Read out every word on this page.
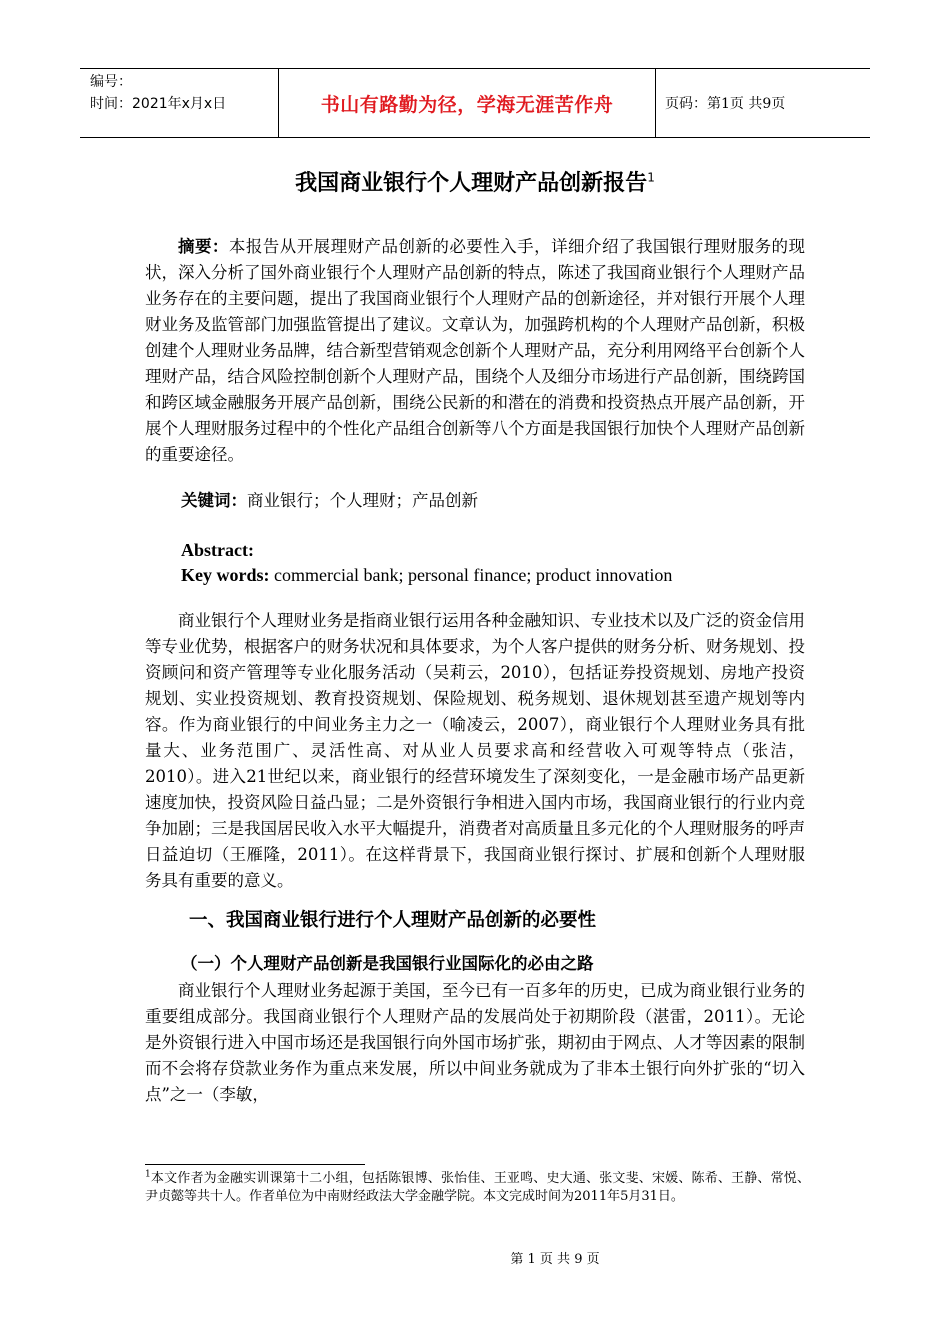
编号：
时间：2021年x月x日	书山有路勤为径，学海无涯苦作舟	页码：第1页 共9页
我国商业银行个人理财产品创新报告$^1$

摘要：本报告从开展理财产品创新的必要性入手，详细介绍了我国银行理财服务的现状，深入分析了国外商业银行个人理财产品创新的特点，陈述了我国商业银行个人理财产品业务存在的主要问题，提出了我国商业银行个人理财产品的创新途径，并对银行开展个人理财业务及监管部门加强监管提出了建议。文章认为，加强跨机构的个人理财产品创新，积极创建个人理财业务品牌，结合新型营销观念创新个人理财产品，充分利用网络平台创新个人理财产品，结合风险控制创新个人理财产品，围绕个人及细分市场进行产品创新，围绕跨国和跨区域金融服务开展产品创新，围绕公民新的和潜在的消费和投资热点开展产品创新，开展个人理财服务过程中的个性化产品组合创新等八个方面是我国银行加快个人理财产品创新的重要途径。

关键词：商业银行；个人理财；产品创新
Abstract:
Key words: commercial bank; personal finance; product innovation

商业银行个人理财业务是指商业银行运用各种金融知识、专业技术以及广泛的资金信用等专业优势，根据客户的财务状况和具体要求，为个人客户提供的财务分析、财务规划、投资顾问和资产管理等专业化服务活动（吴莉云，2010），包括证券投资规划、房地产投资规划、实业投资规划、教育投资规划、保险规划、税务规划、退休规划甚至遗产规划等内容。作为商业银行的中间业务主力之一（喻凌云，2007），商业银行个人理财业务具有批量大、业务范围广、灵活性高、对从业人员要求高和经营收入可观等特点（张洁，2010）。进入21世纪以来，商业银行的经营环境发生了深刻变化，一是金融市场产品更新速度加快，投资风险日益凸显；二是外资银行争相进入国内市场，我国商业银行的行业内竞争加剧；三是我国居民收入水平大幅提升，消费者对高质量且多元化的个人理财服务的呼声日益迫切（王雁隆，2011）。在这样背景下，我国商业银行探讨、扩展和创新个人理财服务具有重要的意义。

一、我国商业银行进行个人理财产品创新的必要性
（一）个人理财产品创新是我国银行业国际化的必由之路

商业银行个人理财业务起源于美国，至今已有一百多年的历史，已成为商业银行业务的重要组成部分。我国商业银行个人理财产品的发展尚处于初期阶段（湛雷，2011）。无论是外资银行进入中国市场还是我国银行向外国市场扩张，期初由于网点、人才等因素的限制而不会将存贷款业务作为重点来发展，所以中间业务就成为了非本土银行向外扩张的“切入点”之一（李敏，

$^1$本文作者为金融实训课第十二小组，包括陈银博、张怡佳、王亚鸣、史大通、张文斐、宋媛、陈希、王静、常悦、尹贞懿等共十人。作者单位为中南财经政法大学金融学院。本文完成时间为2011年5月31日。
第 1 页 共 9 页
